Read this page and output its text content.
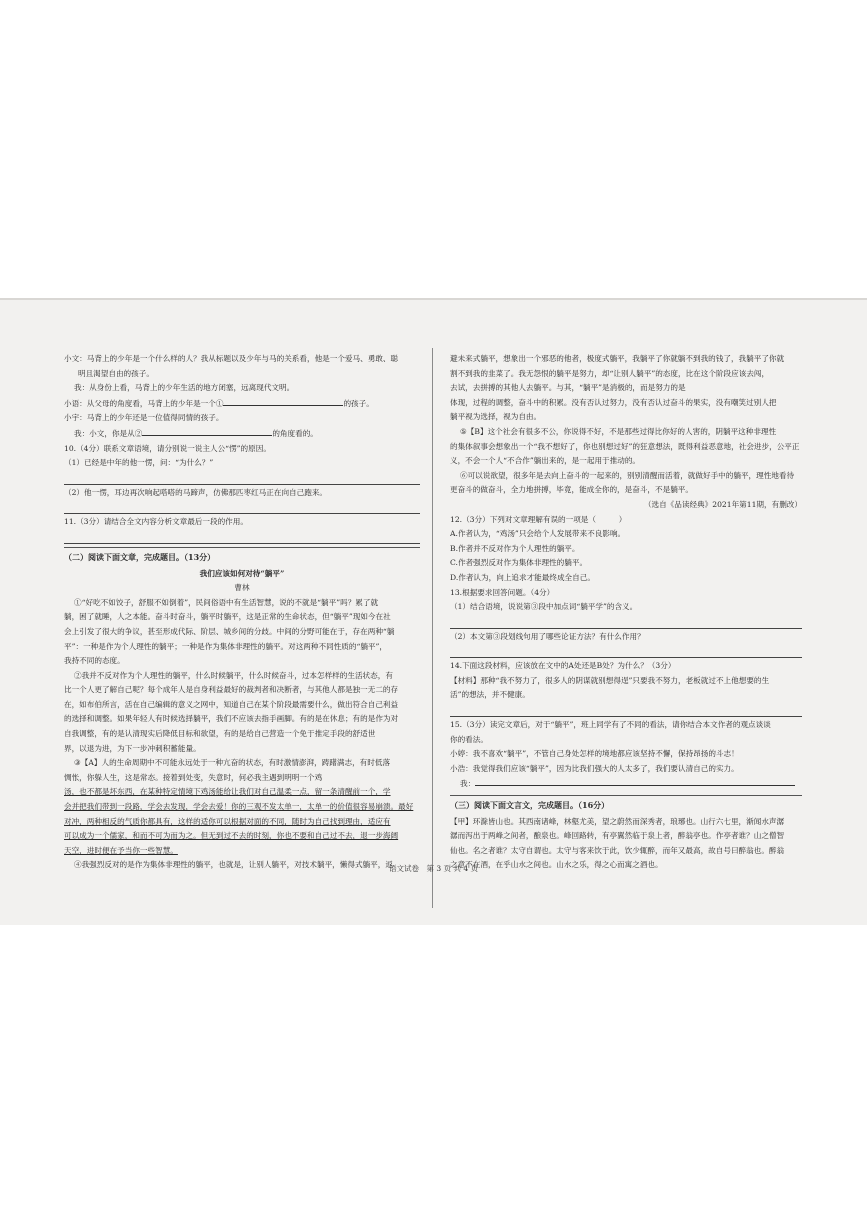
小文：马背上的少年是一个什么样的人？我从标题以及少年与马的关系看，他是一个爱马、勇敢、聪

明且渴望自由的孩子。

我：从身份上看，马背上的少年生活的地方闭塞，远离现代文明。

小语：从父母的角度看，马背上的少年是一个①	的孩子。

小宇：马背上的少年还是一位值得同情的孩子。

我：小文，你是从②	的角度看的。

10.（4分）联系文章语境，请分别说一说主人公“愣”的原因。

（1）已经是中年的他一愣，问：“为什么？”

（2）他一愣，耳边再次响起嗒嗒的马蹄声，仿佛那匹枣红马正在向自己跑来。

11.（3分）请结合全文内容分析文章最后一段的作用。

（二）阅读下面文章，完成题目。（13分）

我们应该如何对待“躺平”

曹林

①“好吃不如饺子，舒服不如倒着”，民间俗语中有生活智慧，说的不就是“躺平”吗？累了就

躺，困了就睡，人之本能。奋斗时奋斗，躺平时躺平，这是正常的生命状态，但“躺平”现如今在社

会上引发了很大的争议，甚至形成代际、阶层、城乡间的分歧。中间的分野可能在于，存在两种“躺

平”：一种是作为个人理性的躺平；一种是作为集体非理性的躺平。对这两种不同性质的“躺平”，

我持不同的态度。

②我并不反对作为个人理性的躺平，什么时候躺平，什么时候奋斗，过本怎样样的生活状态，有

比一个人更了解自己呢？每个成年人是自身利益最好的裁判者和决断者，与其他人都是独一无二的存

在，如布伯所言，活在自己编辑的意义之网中，知道自己在某个阶段最需要什么，做出符合自己利益

的选择和调整。如果年轻人有时候选择躺平，我们不应该去指手画脚。有的是在休息；有的是作为对

自我调整，有的是认清现实后降低目标和欲望，有的是给自己营造一个免于推定手段的舒适世

界，以退为进，为下一步冲刺积蓄能量。

③【A】人的生命周期中不可能永远处于一种亢奋的状态，有时激情澎湃，踌躇满志，有时低落

惆怅，你躲人生，这是常态。接着到处变，失意时，何必我主遇到明明一个鸡

汤，也不都是坏东西，在某种特定情境下鸡汤能给让我们对自己温柔一点，留一条清醒前一个，学

会并把我们带到一段路，学会去发现，学会去爱！你的三观不发太单一，太单一的价值很容易崩溃。最好

对冲，两种相反的气质你都具有，这样的适你可以根据对面的不同，随时为自己找到理由，适应有

可以成为一个儒家，和而不可为而为之。但无到过不去的时刻，你也不要和自己过不去，退一步海阔

天空，进时便在予当你一些智慧。

④我强烈反对的是作为集体非理性的躺平，也就是，让别人躺平，对技术躺平，懒得式躺平，返

避未来式躺平，想象出一个邪恶的他者，极度式躺平，我躺平了你就躺不到我的钱了，我躺平了你就

割不到我的韭菜了。我无怨恨的躺平是努力，却“让别人躺平”的态度，比在这个阶段应该去闯，

去试，去拼搏的其他人去躺平。与其，“躺平”是消极的，而是努力的是

体现，过程的调整，奋斗中的积累。没有否认过努力，没有否认过奋斗的果实，没有嘲笑过别人把

躺平视为选择，视为自由。

⑤【B】这个社会有很多不公，你说得不好，不是那些过得比你好的人害的，阴躺平这种非理性

的集体叙事会想象出一个“我不想好了，你也别想过好”的狂意想法，既得利益恶意地，社会进步，公平正

义，不会一个人“不合作”躺出来的，是一起用于推动的。

⑥可以说欲望，很多年是去向上奋斗的一起来的，别别清醒而活着，就做好手中的躺平，理性地看待

更奋斗的做奋斗，全力地拼搏，毕竟，能成全你的，是奋斗，不是躺平。

（选自《品读经典》2021年第11期，有删改）

12.（3分）下列对文章理解有误的一项是（　　　）

A.作者认为，“鸡汤”只会给个人发展带来不良影响。

B.作者并不反对作为个人理性的躺平。

C.作者强烈反对作为集体非理性的躺平。

D.作者认为，向上追求才能最终成全自己。

13.根据要求回答问题。（4分）

（1）结合语境，说说第③段中加点词“躺平学”的含义。

（2）本文第③段划线句用了哪些论证方法？有什么作用？

14.下面这段材料，应该放在文中的A处还是B处？为什么？（3分）

【材料】那种“我不努力了，很多人的阴谋就别想得逞”只要我不努力，老板就过不上他想要的生

活”的想法，并不健康。

15.（3分）读完文章后，对于“躺平”，班上同学有了不同的看法，请你结合本文作者的观点谈谈

你的看法。

小婷：我不喜欢“躺平”，不管自己身处怎样的境地都应该坚持不懈，保持昂扬的斗志！

小浩：我觉得我们应该“躺平”，因为比我们强大的人太多了，我们要认清自己的实力。

我：

（三）阅读下面文言文，完成题目。（16分）

【甲】环滁皆山也。其西南诸峰，林壑尤美，望之蔚然而深秀者，琅琊也。山行六七里，渐闻水声潺

潺而泻出于两峰之间者，酿泉也。峰回路转，有亭翼然临于泉上者，醉翁亭也。作亭者谁？山之僧智

仙也。名之者谁？太守自谓也。太守与客来饮于此，饮少辄醉，而年又最高，故自号曰醉翁也。醉翁

之意不在酒，在乎山水之间也。山水之乐，得之心而寓之酒也。

语文试卷　第 3 页 共 4 页
